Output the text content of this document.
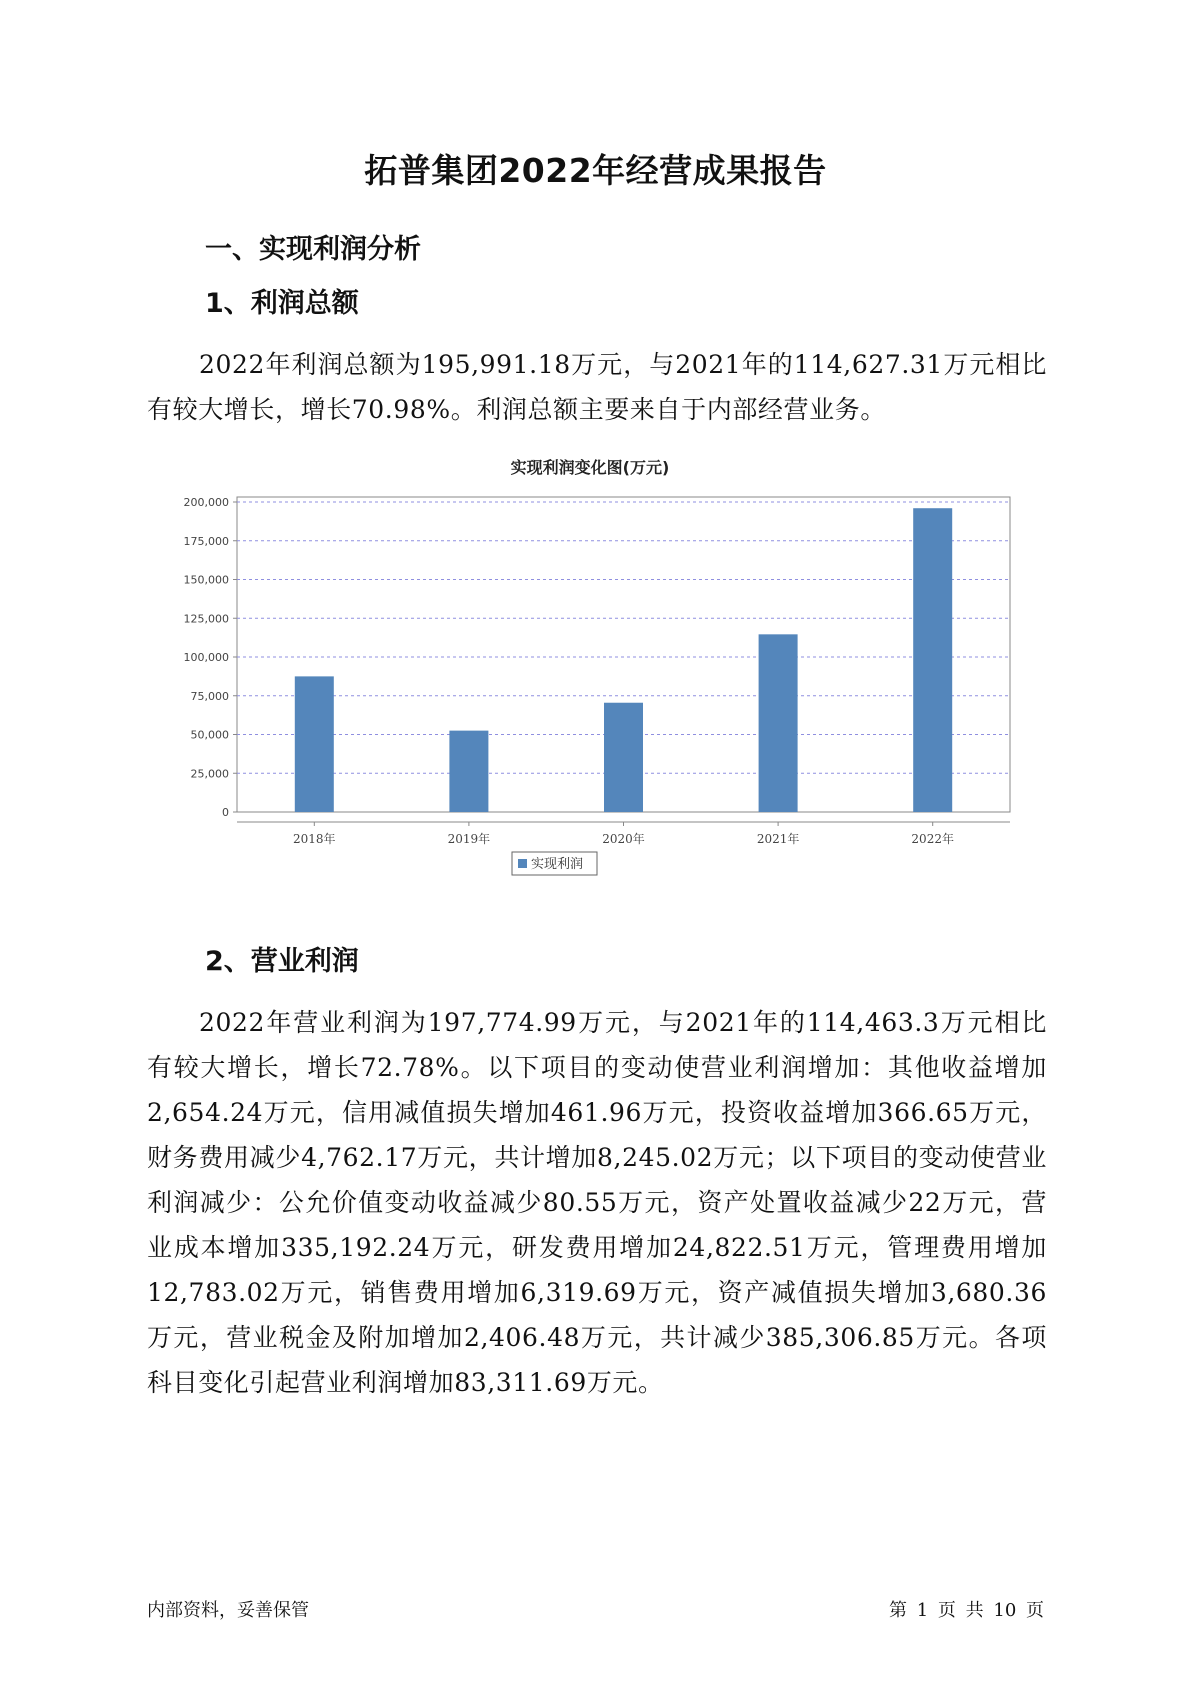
拓普集团2022年经营成果报告
一、实现利润分析
1、利润总额
2022年利润总额为195,991.18万元，与2021年的114,627.31万元相比有较大增长，增长70.98%。利润总额主要来自于内部经营业务。
实现利润变化图(万元)
0
25,000
50,000
75,000
100,000
125,000
150,000
175,000
200,000
2018年	2019年	2020年	2021年	2022年
实现利润
2、营业利润
2022年营业利润为197,774.99万元，与2021年的114,463.3万元相比有较大增长，增长72.78%。以下项目的变动使营业利润增加：其他收益增加2,654.24万元，信用减值损失增加461.96万元，投资收益增加366.65万元，财务费用减少4,762.17万元，共计增加8,245.02万元；以下项目的变动使营业利润减少：公允价值变动收益减少80.55万元，资产处置收益减少22万元，营业成本增加335,192.24万元，研发费用增加24,822.51万元，管理费用增加12,783.02万元，销售费用增加6,319.69万元，资产减值损失增加3,680.36万元，营业税金及附加增加2,406.48万元，共计减少385,306.85万元。各项科目变化引起营业利润增加83,311.69万元。
内部资料，妥善保管	第 1 页 共 10 页
